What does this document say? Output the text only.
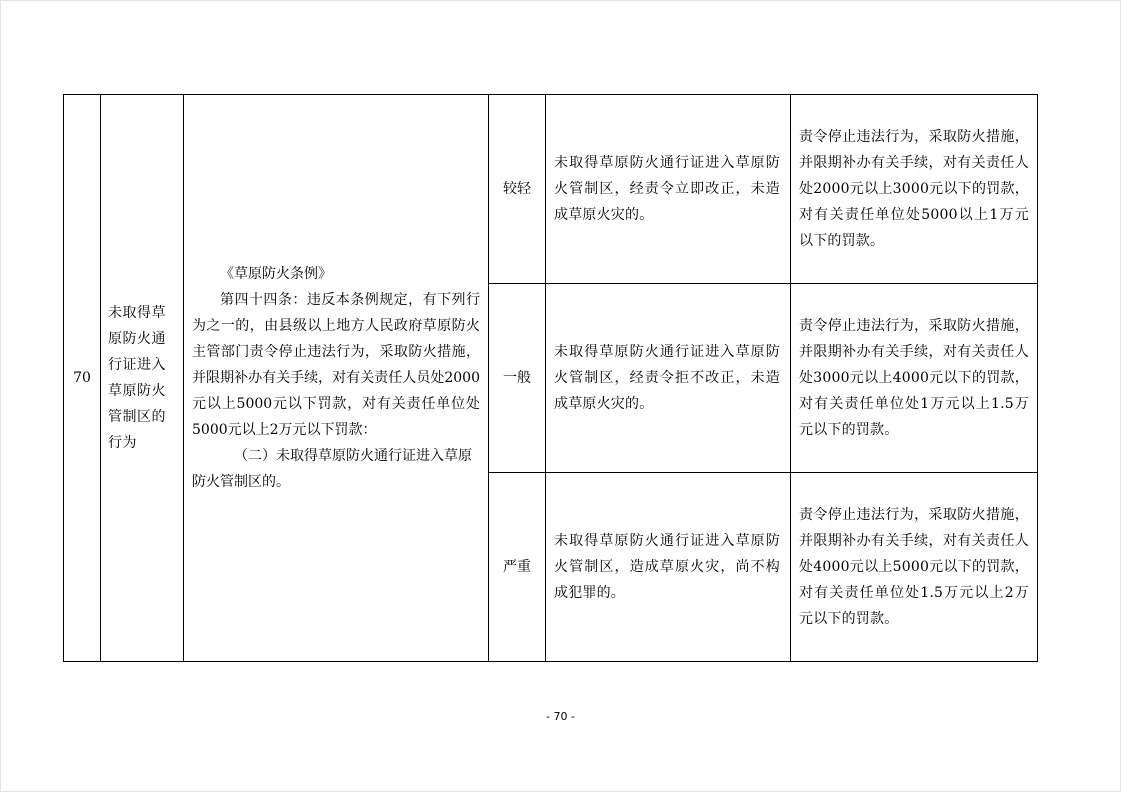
70	未取得草原防火通行证进入草原防火管制区的行为	《草原防火条例》
第四十四条：违反本条例规定，有下列行为之一的，由县级以上地方人民政府草原防火主管部门责令停止违法行为，采取防火措施，并限期补办有关手续，对有关责任人员处2000元以上5000元以下罚款，对有关责任单位处5000元以上2万元以下罚款：
（二）未取得草原防火通行证进入草原防火管制区的。	较轻	未取得草原防火通行证进入草原防火管制区，经责令立即改正，未造成草原火灾的。	责令停止违法行为，采取防火措施，并限期补办有关手续，对有关责任人处2000元以上3000元以下的罚款，对有关责任单位处5000以上1万元以下的罚款。

			一般	未取得草原防火通行证进入草原防火管制区，经责令拒不改正，未造成草原火灾的。	责令停止违法行为，采取防火措施，并限期补办有关手续，对有关责任人处3000元以上4000元以下的罚款，对有关责任单位处1万元以上1.5万元以下的罚款。

			严重	未取得草原防火通行证进入草原防火管制区，造成草原火灾，尚不构成犯罪的。	责令停止违法行为，采取防火措施，并限期补办有关手续，对有关责任人处4000元以上5000元以下的罚款，对有关责任单位处1.5万元以上2万元以下的罚款。
- 70 -
